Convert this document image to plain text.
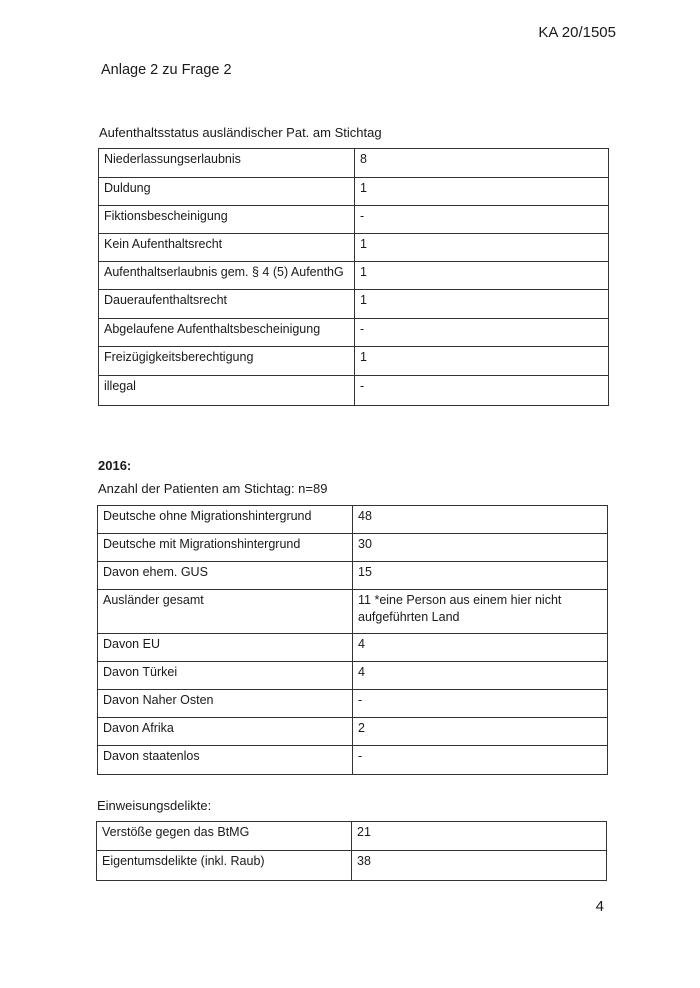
KA 20/1505
Anlage 2 zu Frage 2
Aufenthaltsstatus ausländischer Pat. am Stichtag
Niederlassungserlaubnis	8
Duldung	1
Fiktionsbescheinigung	-
Kein Aufenthaltsrecht	1
Aufenthaltserlaubnis gem. § 4 (5) AufenthG	1
Daueraufenthaltsrecht	1
Abgelaufene Aufenthaltsbescheinigung	-
Freizügigkeitsberechtigung	1
illegal	-
2016:
Anzahl der Patienten am Stichtag: n=89
Deutsche ohne Migrationshintergrund	48
Deutsche mit Migrationshintergrund	30
Davon ehem. GUS	15
Ausländer gesamt	11 *eine Person aus einem hier nicht aufgeführten Land
Davon EU	4
Davon Türkei	4
Davon Naher Osten	-
Davon Afrika	2
Davon staatenlos	-
Einweisungsdelikte:
Verstöße gegen das BtMG	21
Eigentumsdelikte (inkl. Raub)	38
4
